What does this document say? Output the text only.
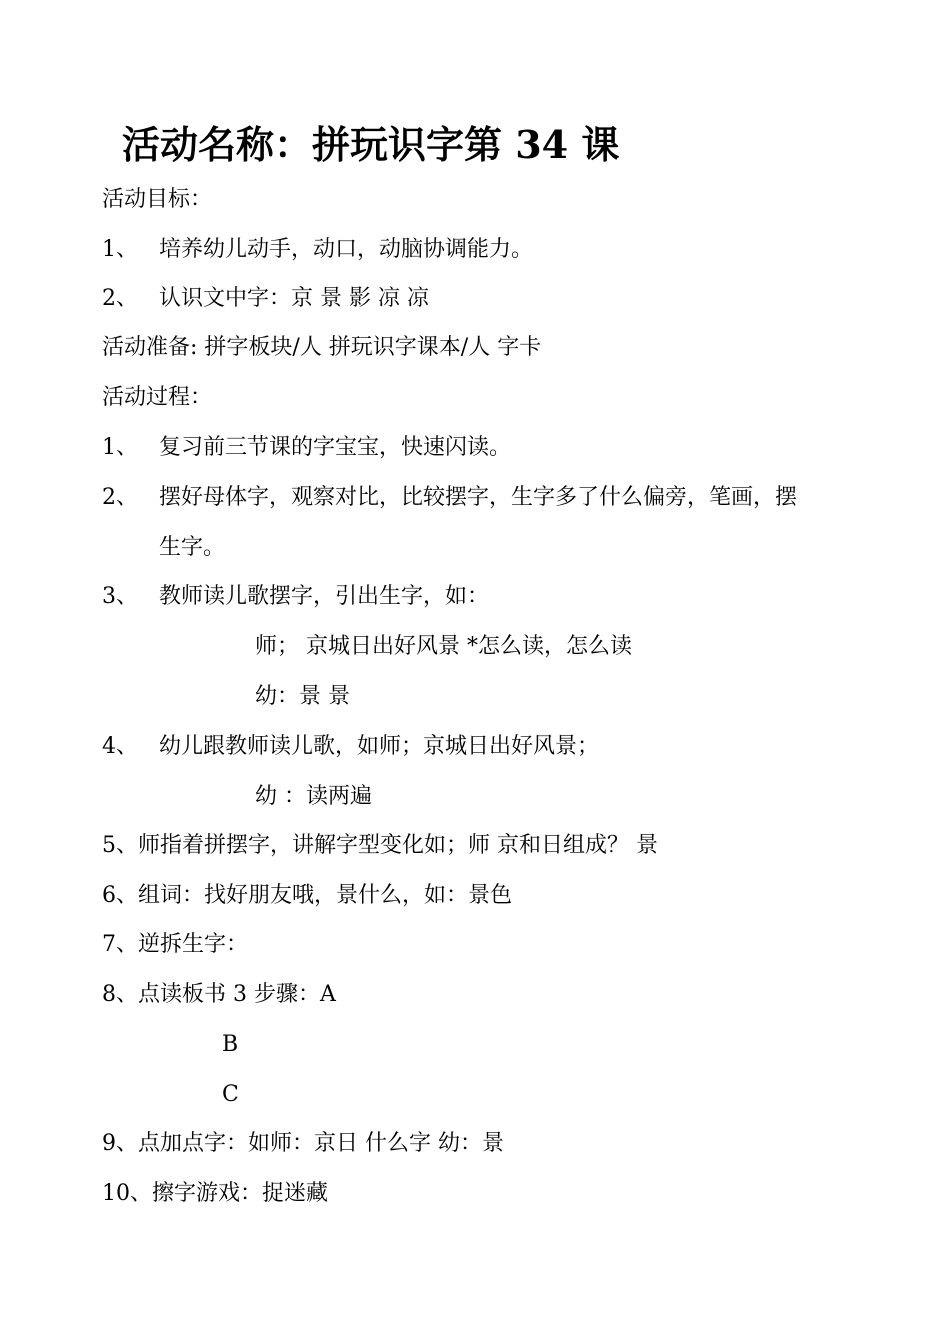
活动名称：拼玩识字第 34 课
活动目标：
1、 培养幼儿动手，动口，动脑协调能力。
2、 认识文中字：京 景 影 凉 凉
活动准备: 拼字板块/人 拼玩识字课本/人 字卡
活动过程：
1、 复习前三节课的字宝宝，快速闪读。
2、 摆好母体字，观察对比，比较摆字，生字多了什么偏旁，笔画，摆
生字。
3、 教师读儿歌摆字，引出生字，如：
师； 京城日出好风景 *怎么读，怎么读
幼：景 景
4、 幼儿跟教师读儿歌，如师；京城日出好风景；
幼 ：读两遍
5、师指着拼摆字，讲解字型变化如；师 京和日组成？ 景
6、组词：找好朋友哦，景什么，如：景色
7、逆拆生字：
8、点读板书 3 步骤：A
B
C
9、点加点字：如师：京日 什么字 幼：景
10、擦字游戏：捉迷藏
